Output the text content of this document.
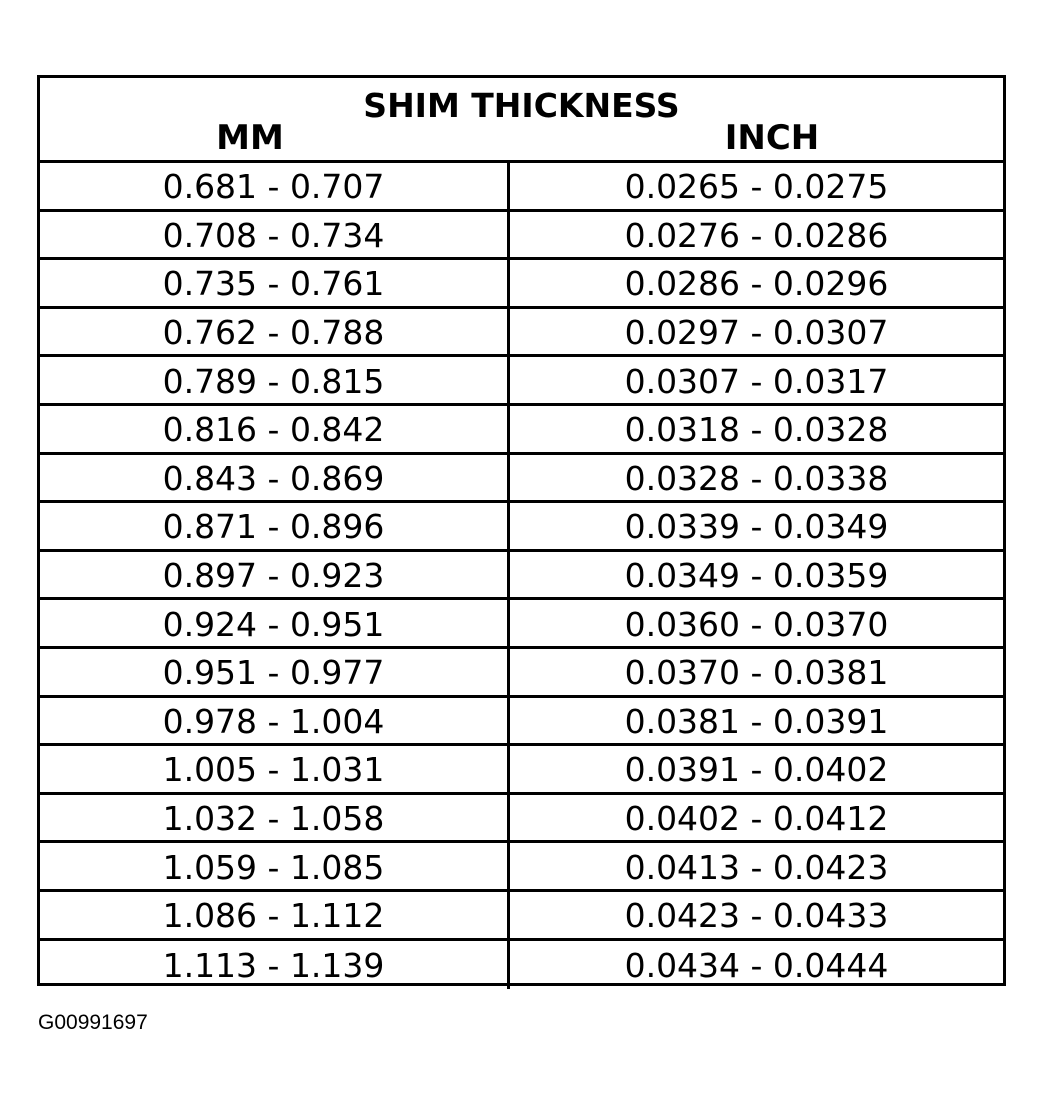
SHIM THICKNESS
MM	INCH
0.681 - 0.707	0.0265 - 0.0275
0.708 - 0.734	0.0276 - 0.0286
0.735 - 0.761	0.0286 - 0.0296
0.762 - 0.788	0.0297 - 0.0307
0.789 - 0.815	0.0307 - 0.0317
0.816 - 0.842	0.0318 - 0.0328
0.843 - 0.869	0.0328 - 0.0338
0.871 - 0.896	0.0339 - 0.0349
0.897 - 0.923	0.0349 - 0.0359
0.924 - 0.951	0.0360 - 0.0370
0.951 - 0.977	0.0370 - 0.0381
0.978 - 1.004	0.0381 - 0.0391
1.005 - 1.031	0.0391 - 0.0402
1.032 - 1.058	0.0402 - 0.0412
1.059 - 1.085	0.0413 - 0.0423
1.086 - 1.112	0.0423 - 0.0433
1.113 - 1.139	0.0434 - 0.0444
G00991697
